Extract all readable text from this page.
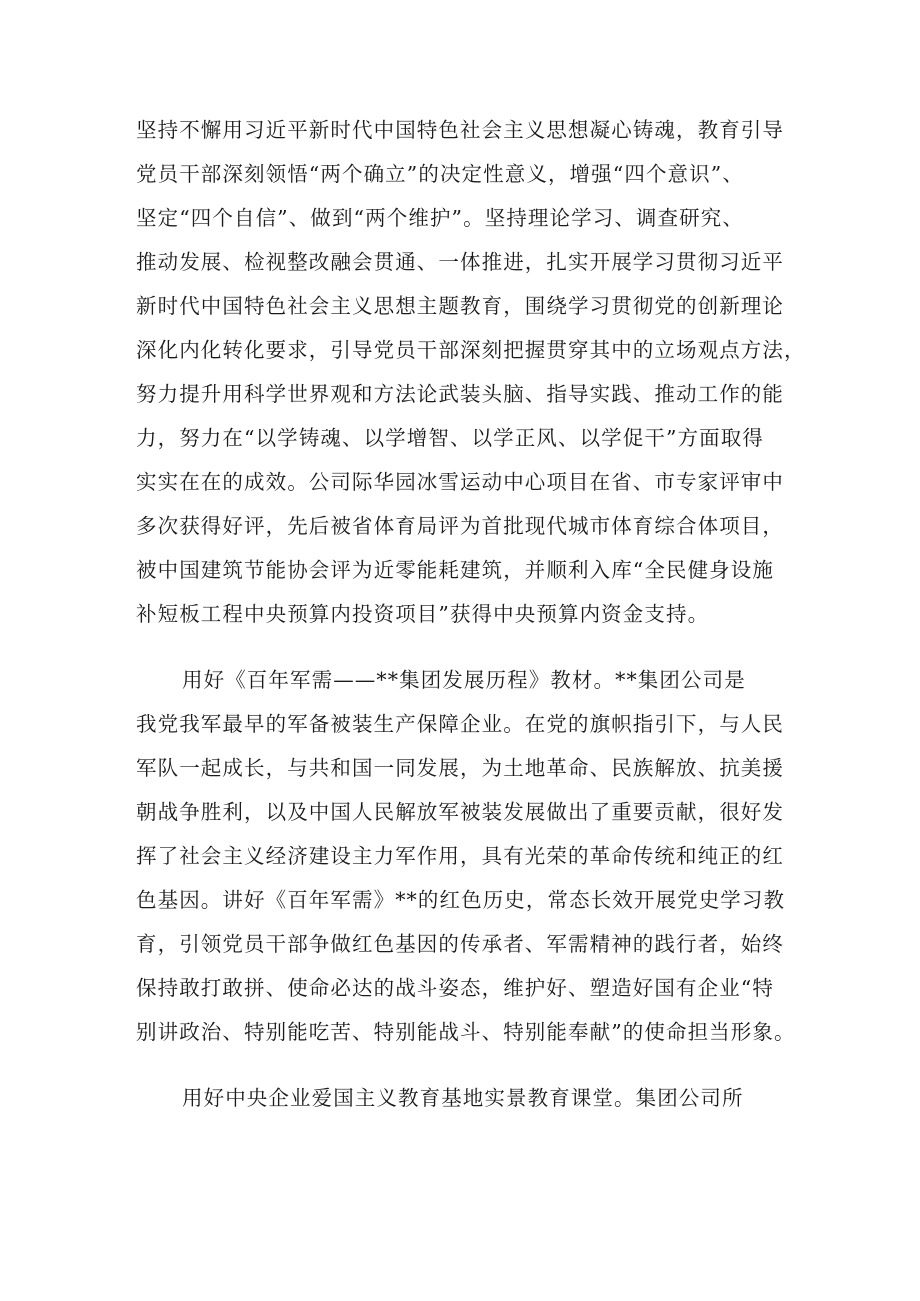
坚持不懈用习近平新时代中国特色社会主义思想凝心铸魂，教育引导
党员干部深刻领悟“两个确立”的决定性意义，增强“四个意识”、
坚定“四个自信”、做到“两个维护”。坚持理论学习、调查研究、
推动发展、检视整改融会贯通、一体推进，扎实开展学习贯彻习近平
新时代中国特色社会主义思想主题教育，围绕学习贯彻党的创新理论
深化内化转化要求，引导党员干部深刻把握贯穿其中的立场观点方法，
努力提升用科学世界观和方法论武装头脑、指导实践、推动工作的能
力，努力在“以学铸魂、以学增智、以学正风、以学促干”方面取得
实实在在的成效。公司际华园冰雪运动中心项目在省、市专家评审中
多次获得好评，先后被省体育局评为首批现代城市体育综合体项目，
被中国建筑节能协会评为近零能耗建筑，并顺利入库“全民健身设施
补短板工程中央预算内投资项目”获得中央预算内资金支持。
用好《百年军需——**集团发展历程》教材。**集团公司是
我党我军最早的军备被装生产保障企业。在党的旗帜指引下，与人民
军队一起成长，与共和国一同发展，为土地革命、民族解放、抗美援
朝战争胜利，以及中国人民解放军被装发展做出了重要贡献，很好发
挥了社会主义经济建设主力军作用，具有光荣的革命传统和纯正的红
色基因。讲好《百年军需》**的红色历史，常态长效开展党史学习教
育，引领党员干部争做红色基因的传承者、军需精神的践行者，始终
保持敢打敢拼、使命必达的战斗姿态，维护好、塑造好国有企业“特
别讲政治、特别能吃苦、特别能战斗、特别能奉献”的使命担当形象。
用好中央企业爱国主义教育基地实景教育课堂。集团公司所
